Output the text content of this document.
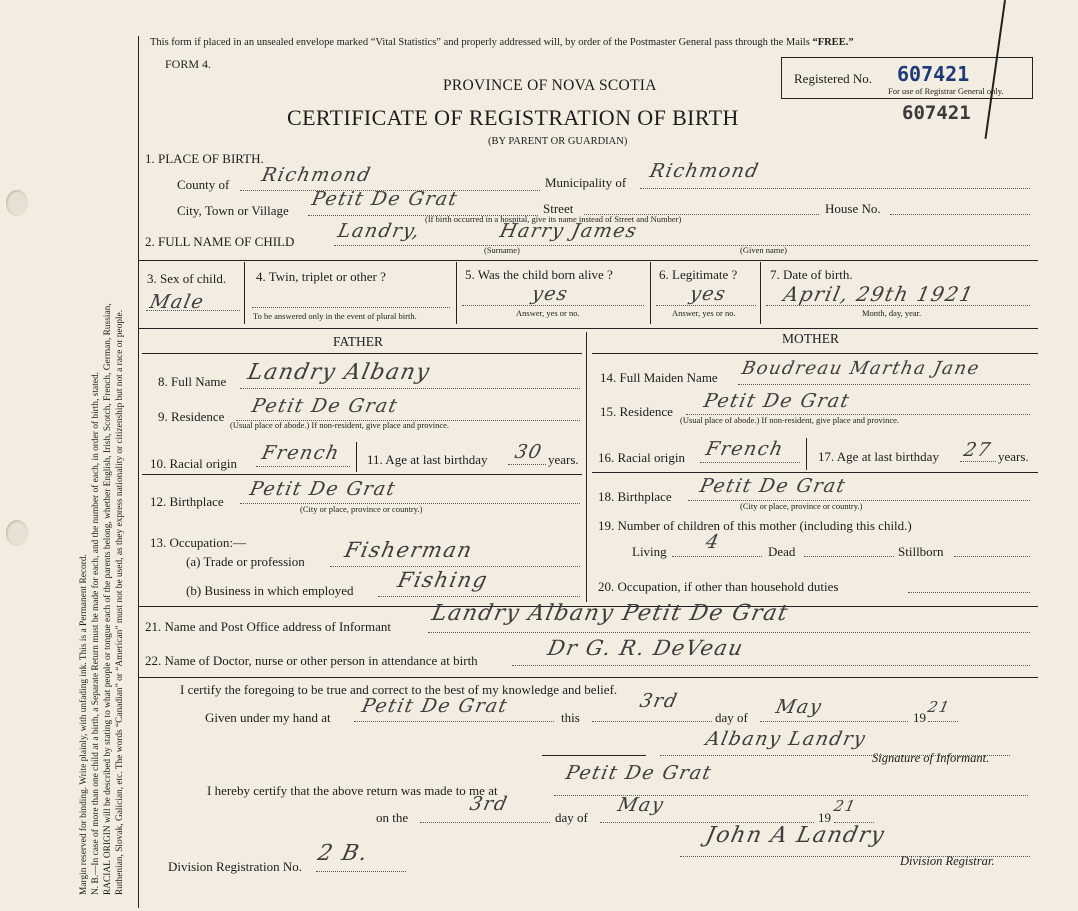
Margin reserved for binding. Write plainly, with unfading ink. This is a Permanent Record. N. B.—In case of more than one child at a birth, a Separate Return must be made for each, and the number of each, in order of birth, stated. RACIAL ORIGIN will be described by stating to what people or tongue each of the parents belong, whether English, Irish, Scotch, French, German, Russian, Ruthenian, Slovak, Galician, etc. The words “Canadian” or “American” must not be used, as they express nationality or citizenship but not a race or people.
This form if placed in an unsealed envelope marked “Vital Statistics” and properly addressed will, by order of the Postmaster General pass through the Mails “FREE.”
FORM 4.
PROVINCE OF NOVA SCOTIA
CERTIFICATE OF REGISTRATION OF BIRTH
(BY PARENT OR GUARDIAN)
Registered No. 607421
For use of Registrar General only.
607421
1. PLACE OF BIRTH.
County of Richmond	Municipality of
Richmond
City, Town or Village
Petit De Grat	Street	House No.
(If birth occurred in a hospital, give its name instead of Street and Number)
2. FULL NAME OF CHILD Landry,	Harry James
(Surname)	(Given name)
3. Sex of child.
Male
4. Twin, triplet or other ?
To be answered only in the event of plural birth.
5. Was the child born alive ?
yes
Answer, yes or no.
6. Legitimate ?
yes
Answer, yes or no.
7. Date of birth.
April, 29th 1921
Month, day, year.
FATHER	MOTHER
8. Full Name Landry Albany
9. Residence Petit De Grat
(Usual place of abode.) If non-resident, give place and province.
10. Racial origin French 11. Age at last birthday 30 years.
12. Birthplace
Petit De Grat
(City or place, province or country.)
13. Occupation:—
(a) Trade or profession Fisherman
(b) Business in which employed Fishing
14. Full Maiden Name Boudreau Martha Jane
15. Residence Petit De Grat
(Usual place of abode.) If non-resident, give place and province.
16. Racial origin French 17. Age at last birthday 27 years.
18. Birthplace Petit De Grat
(City or place, province or country.)
19. Number of children of this mother (including this child.)
Living 4	Dead	Stillborn
20. Occupation, if other than household duties
21. Name and Post Office address of Informant
Landry Albany Petit De Grat
22. Name of Doctor, nurse or other person in attendance at birth
Dr G. R. DeVeau
I certify the foregoing to be true and correct to the best of my knowledge and belief.
Given under my hand at
Petit De Grat
this
3rd
day of May	19
21
Albany Landry
Signature of Informant.
I hereby certify that the above return was made to me at
Petit De Grat
on the
3rd
day of
May
19
21
Division Registration No.
2 B.
John A Landry
Division Registrar.
